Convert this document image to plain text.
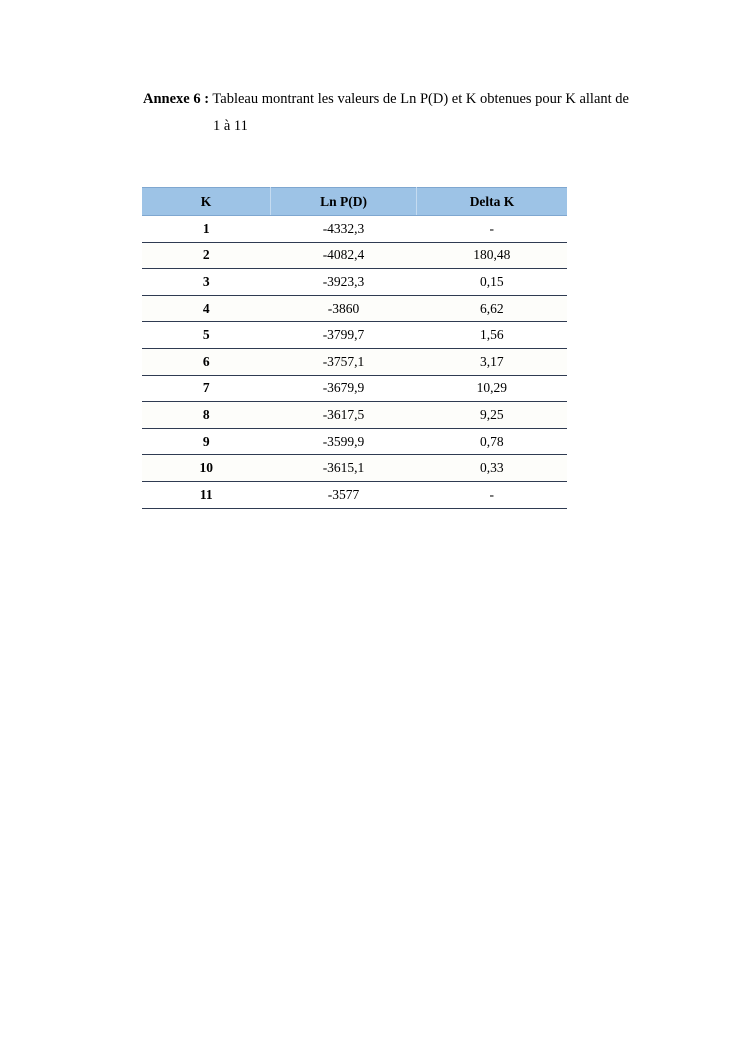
Annexe 6 : Tableau montrant les valeurs de Ln P(D) et K obtenues pour K allant de
1 à 11
K	Ln P(D)	Delta K
1	-4332,3	-
2	-4082,4	180,48
3	-3923,3	0,15
4	-3860	6,62
5	-3799,7	1,56
6	-3757,1	3,17
7	-3679,9	10,29
8	-3617,5	9,25
9	-3599,9	0,78
10	-3615,1	0,33
11	-3577	-
